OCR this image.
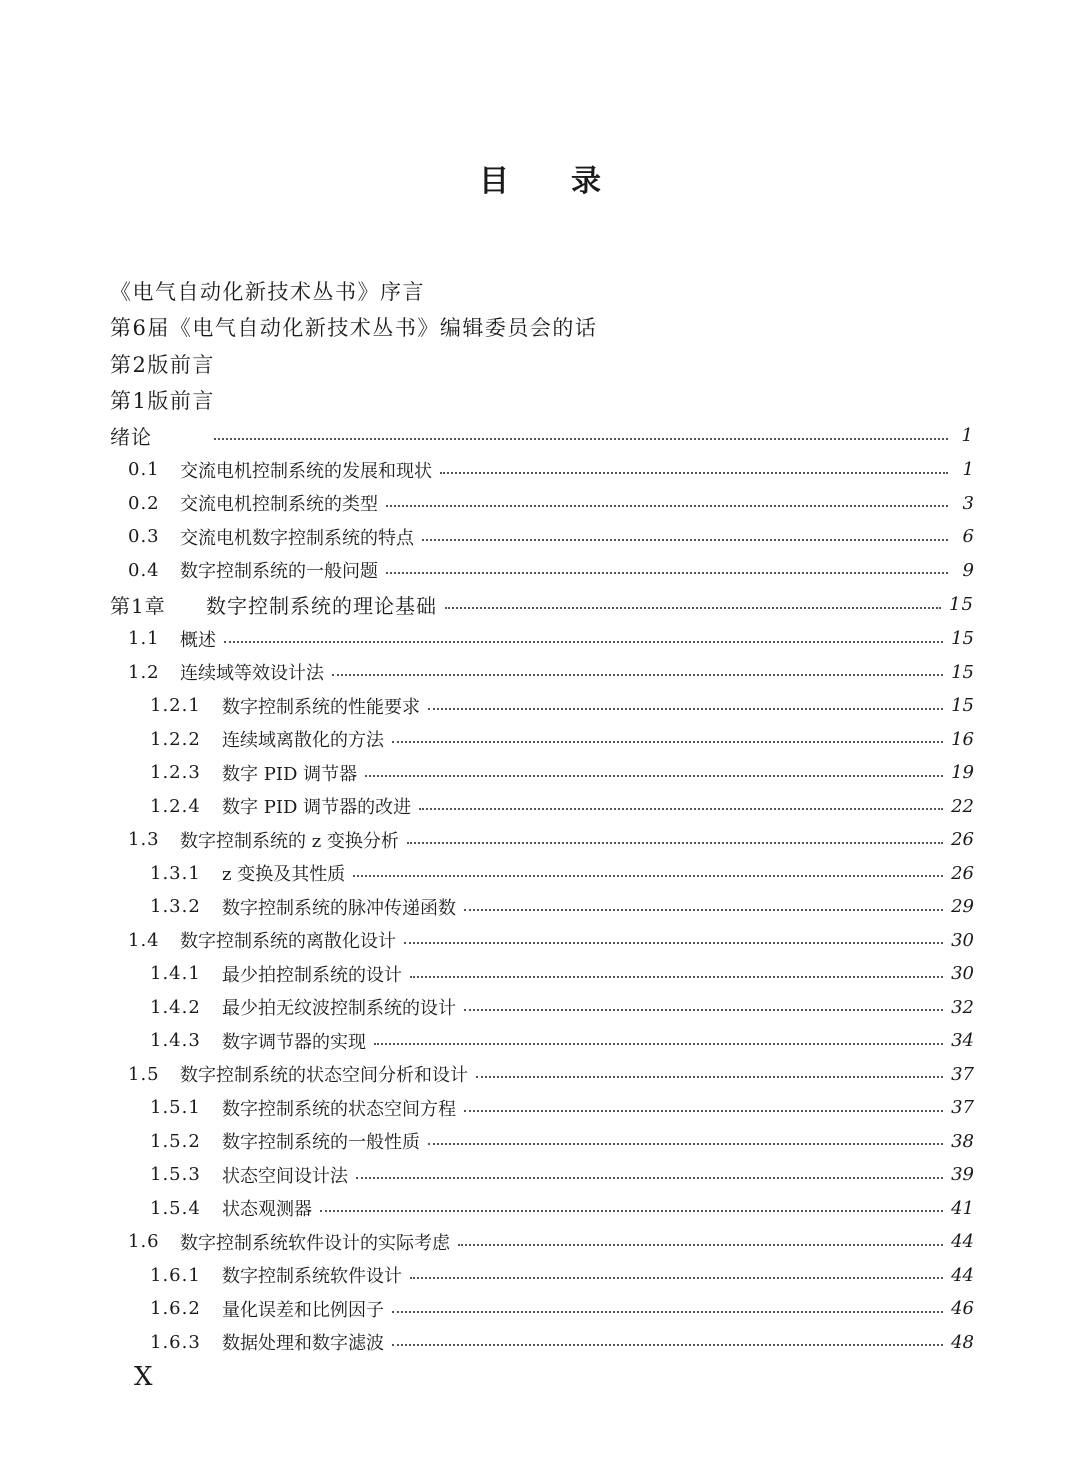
目录
《电气自动化新技术丛书》序言
第6届《电气自动化新技术丛书》编辑委员会的话
第2版前言
第1版前言
绪论	1
0.1	交流电机控制系统的发展和现状	1
0.2	交流电机控制系统的类型	3
0.3	交流电机数字控制系统的特点	6
0.4	数字控制系统的一般问题	9
第1章	数字控制系统的理论基础	15
1.1	概述	15
1.2	连续域等效设计法	15
1.2.1	数字控制系统的性能要求	15
1.2.2	连续域离散化的方法	16
1.2.3	数字 PID 调节器	19
1.2.4	数字 PID 调节器的改进	22
1.3	数字控制系统的 z 变换分析	26
1.3.1	z 变换及其性质	26
1.3.2	数字控制系统的脉冲传递函数	29
1.4	数字控制系统的离散化设计	30
1.4.1	最少拍控制系统的设计	30
1.4.2	最少拍无纹波控制系统的设计	32
1.4.3	数字调节器的实现	34
1.5	数字控制系统的状态空间分析和设计	37
1.5.1	数字控制系统的状态空间方程	37
1.5.2	数字控制系统的一般性质	38
1.5.3	状态空间设计法	39
1.5.4	状态观测器	41
1.6	数字控制系统软件设计的实际考虑	44
1.6.1	数字控制系统软件设计	44
1.6.2	量化误差和比例因子	46
1.6.3	数据处理和数字滤波	48
X
